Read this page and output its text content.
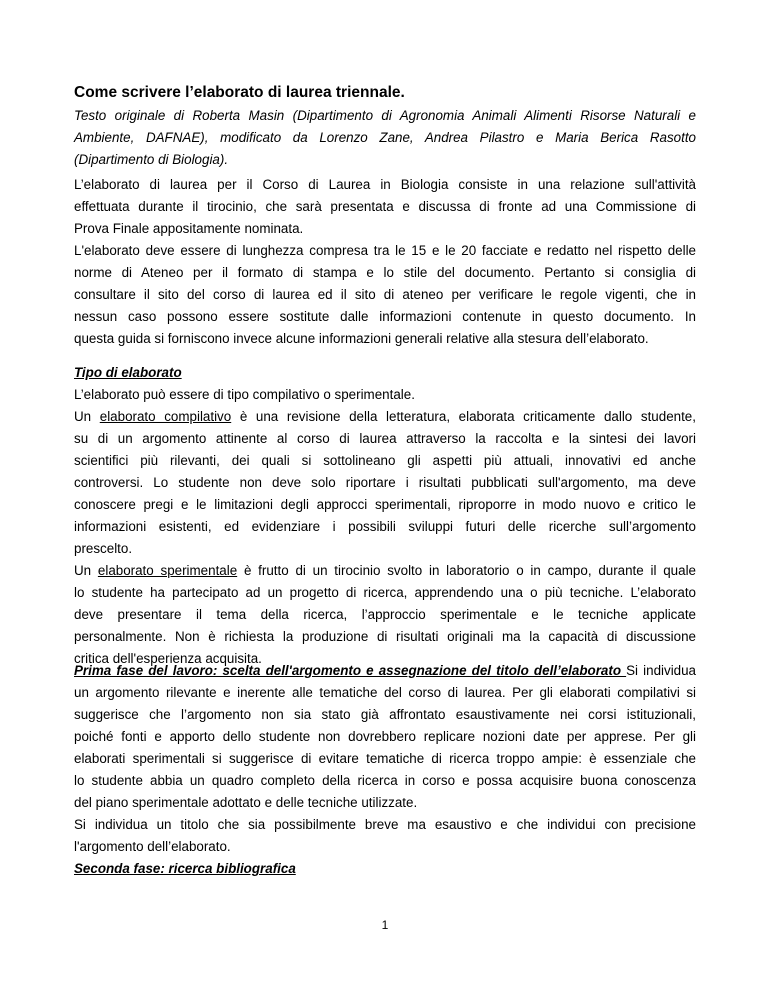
Come scrivere l’elaborato di laurea triennale.
Testo originale di Roberta Masin (Dipartimento di Agronomia Animali Alimenti Risorse Naturali e
Ambiente, DAFNAE), modificato da Lorenzo Zane, Andrea Pilastro e Maria Berica Rasotto
(Dipartimento di Biologia).
L’elaborato di laurea per il Corso di Laurea in Biologia consiste in una relazione sull'attività
effettuata durante il tirocinio, che sarà presentata e discussa di fronte ad una Commissione di
Prova Finale appositamente nominata.
L'elaborato deve essere di lunghezza compresa tra le 15 e le 20 facciate e redatto nel rispetto delle
norme di Ateneo per il formato di stampa e lo stile del documento. Pertanto si consiglia di
consultare il sito del corso di laurea ed il sito di ateneo per verificare le regole vigenti, che in
nessun caso possono essere sostitute dalle informazioni contenute in questo documento. In
questa guida si forniscono invece alcune informazioni generali relative alla stesura dell’elaborato.
Tipo di elaborato
L’elaborato può essere di tipo compilativo o sperimentale.
Un elaborato compilativo è una revisione della letteratura, elaborata criticamente dallo studente,
su di un argomento attinente al corso di laurea attraverso la raccolta e la sintesi dei lavori
scientifici più rilevanti, dei quali si sottolineano gli aspetti più attuali, innovativi ed anche
controversi. Lo studente non deve solo riportare i risultati pubblicati sull'argomento, ma deve
conoscere pregi e le limitazioni degli approcci sperimentali, riproporre in modo nuovo e critico le
informazioni esistenti, ed evidenziare i possibili sviluppi futuri delle ricerche sull’argomento
prescelto.
Un elaborato sperimentale è frutto di un tirocinio svolto in laboratorio o in campo, durante il quale
lo studente ha partecipato ad un progetto di ricerca, apprendendo una o più tecniche. L’elaborato
deve presentare il tema della ricerca, l’approccio sperimentale e le tecniche applicate
personalmente. Non è richiesta la produzione di risultati originali ma la capacità di discussione
critica dell'esperienza acquisita.
Prima fase del lavoro: scelta dell'argomento e assegnazione del titolo dell’elaborato Si individua
un argomento rilevante e inerente alle tematiche del corso di laurea. Per gli elaborati compilativi si
suggerisce che l’argomento non sia stato già affrontato esaustivamente nei corsi istituzionali,
poiché fonti e apporto dello studente non dovrebbero replicare nozioni date per apprese. Per gli
elaborati sperimentali si suggerisce di evitare tematiche di ricerca troppo ampie: è essenziale che
lo studente abbia un quadro completo della ricerca in corso e possa acquisire buona conoscenza
del piano sperimentale adottato e delle tecniche utilizzate.
Si individua un titolo che sia possibilmente breve ma esaustivo e che individui con precisione
l'argomento dell’elaborato.
Seconda fase: ricerca bibliografica
1
